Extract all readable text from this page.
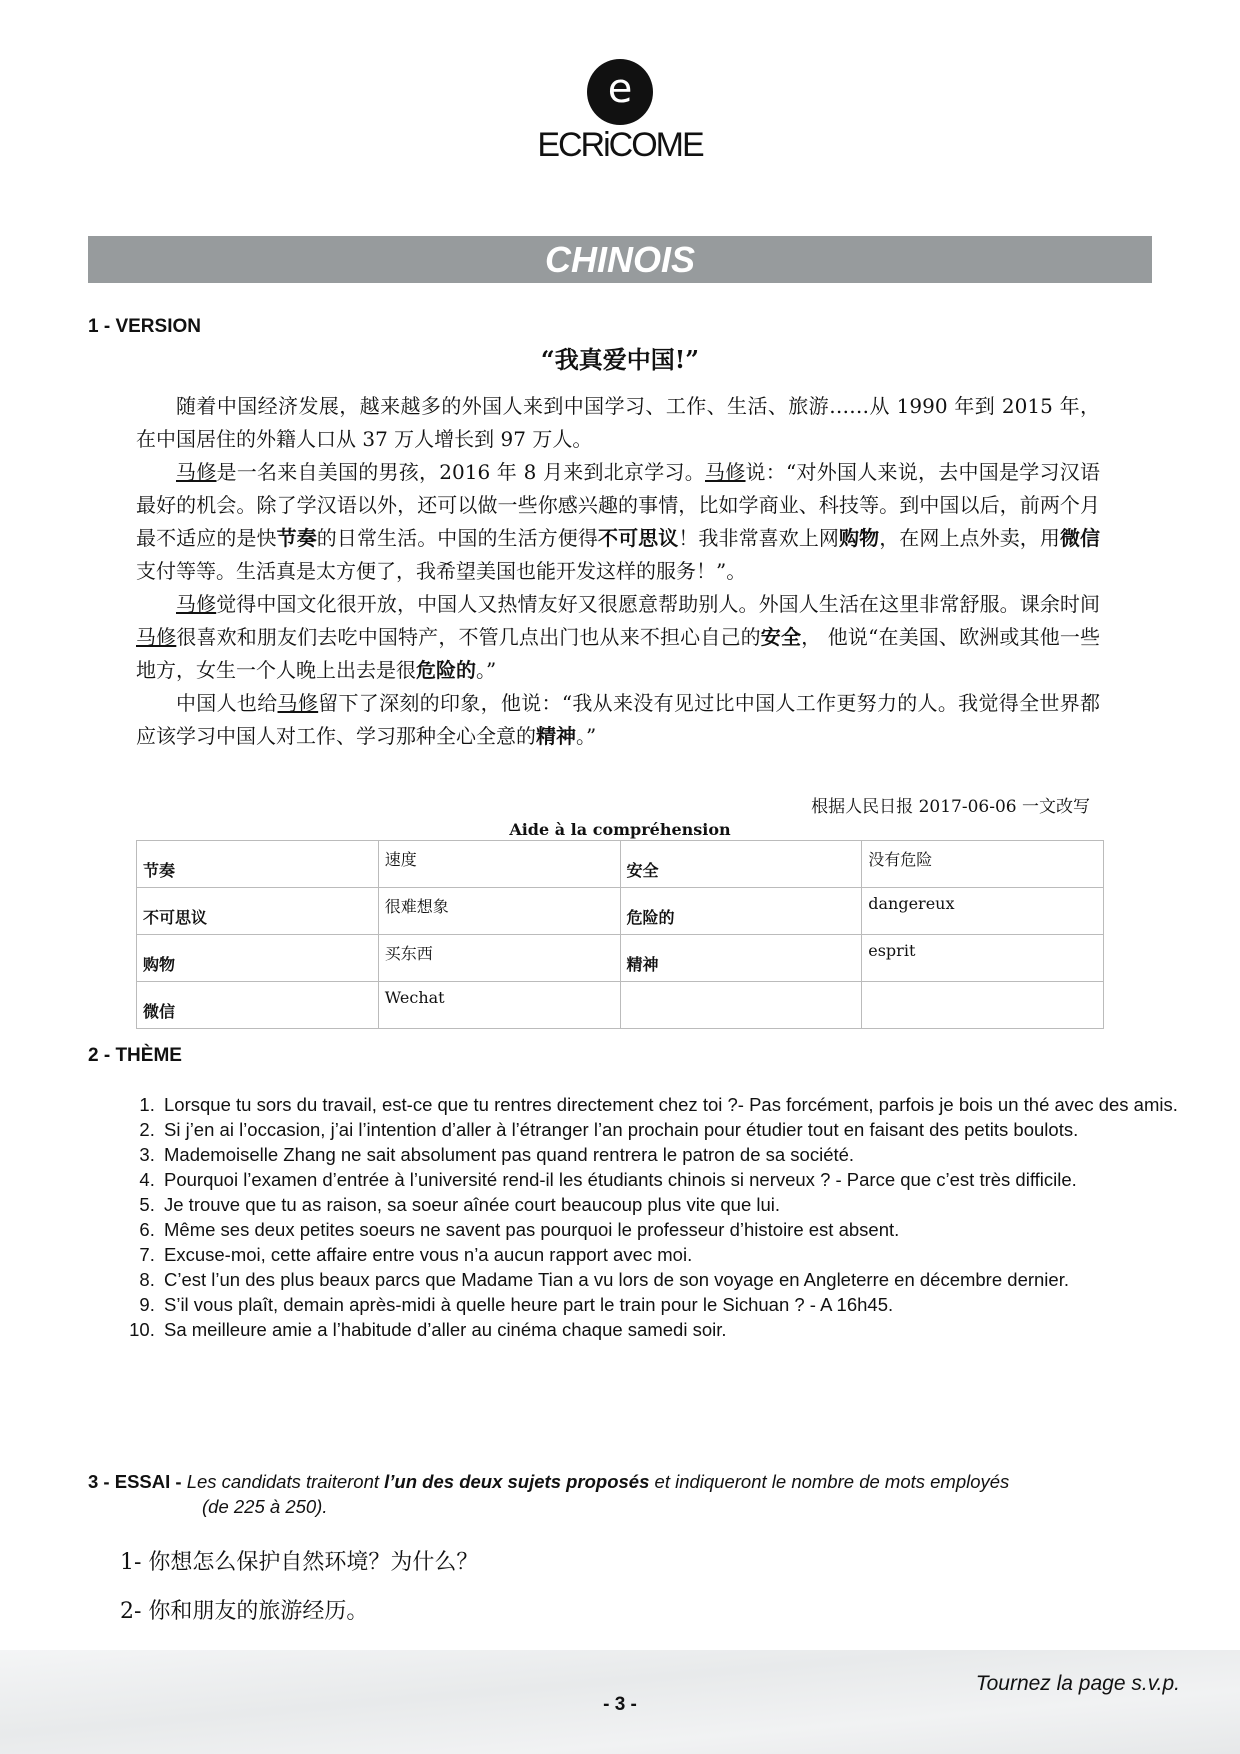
e
ECRiCOME
CHINOIS
1 - VERSION
“我真爱中国!”

随着中国经济发展，越来越多的外国人来到中国学习、工作、生活、旅游……从 1990 年到 2015 年，在中国居住的外籍人口从 37 万人增长到 97 万人。

马修是一名来自美国的男孩，2016 年 8 月来到北京学习。马修说：“对外国人来说，去中国是学习汉语最好的机会。除了学汉语以外，还可以做一些你感兴趣的事情，比如学商业、科技等。到中国以后，前两个月最不适应的是快节奏的日常生活。中国的生活方便得不可思议！我非常喜欢上网购物，在网上点外卖，用微信支付等等。生活真是太方便了，我希望美国也能开发这样的服务！”。

马修觉得中国文化很开放，中国人又热情友好又很愿意帮助别人。外国人生活在这里非常舒服。课余时间马修很喜欢和朋友们去吃中国特产，不管几点出门也从来不担心自己的安全， 他说“在美国、欧洲或其他一些地方，女生一个人晚上出去是很危险的。”

中国人也给马修留下了深刻的印象，他说：“我从来没有见过比中国人工作更努力的人。我觉得全世界都应该学习中国人对工作、学习那种全心全意的精神。”

根据人民日报 2017-06-06 一文改写
Aide à la compréhension
节奏	速度	安全	没有危险
不可思议	很难想象	危险的	dangereux
购物	买东西	精神	esprit
微信	Wechat		
2 - THÈME
1. Lorsque tu sors du travail, est-ce que tu rentres directement chez toi ?- Pas forcément, parfois je bois un thé avec des amis.
2. Si j’en ai l’occasion, j’ai l’intention d’aller à l’étranger l’an prochain pour étudier tout en faisant des petits boulots.
3. Mademoiselle Zhang ne sait absolument pas quand rentrera le patron de sa société.
4. Pourquoi l’examen d’entrée à l’université rend-il les étudiants chinois si nerveux ? - Parce que c’est très difficile.
5. Je trouve que tu as raison, sa soeur aînée court beaucoup plus vite que lui.
6. Même ses deux petites soeurs ne savent pas pourquoi le professeur d’histoire est absent.
7. Excuse-moi, cette affaire entre vous n’a aucun rapport avec moi.
8. C’est l’un des plus beaux parcs que Madame Tian a vu lors de son voyage en Angleterre en décembre dernier.
9. S’il vous plaît, demain après-midi à quelle heure part le train pour le Sichuan ? - A 16h45.
10. Sa meilleure amie a l’habitude d’aller au cinéma chaque samedi soir.
3 - ESSAI - Les candidats traiteront l’un des deux sujets proposés et indiqueront le nombre de mots employés
(de 225 à 250).
1- 你想怎么保护自然环境？为什么？
2- 你和朋友的旅游经历。
Tournez la page s.v.p.
- 3 -
